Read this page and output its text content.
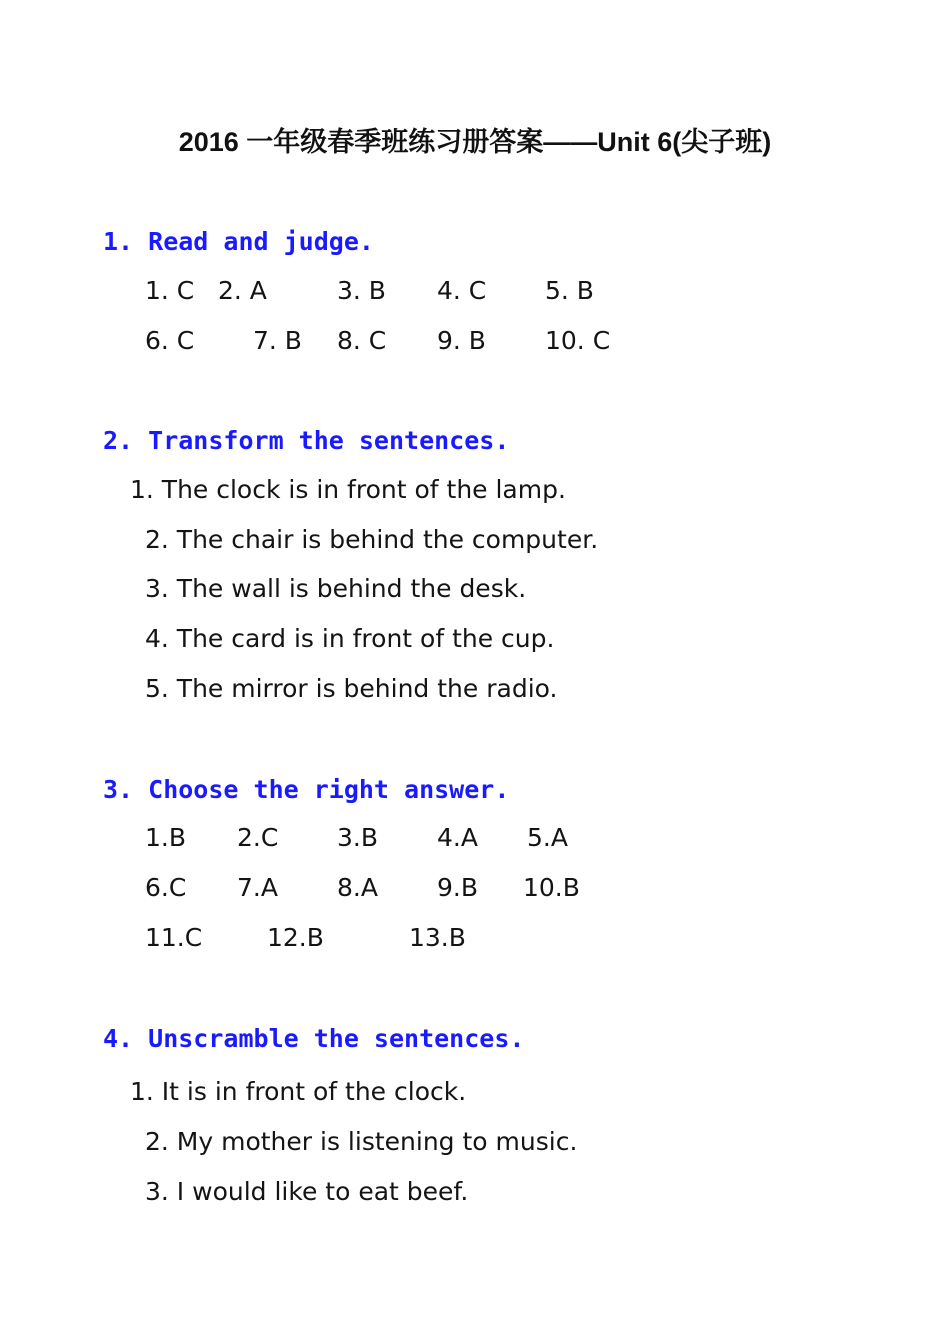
2016 一年级春季班练习册答案——Unit 6(尖子班)
1. Read and judge.
1. C 2. A	3. B 4. C 5. B
6. C 7. B 8. C 9. B 10. C
2. Transform the sentences.
1. The clock is in front of the lamp.
2. The chair is behind the computer.
3. The wall is behind the desk.
4. The card is in front of the cup.
5. The mirror is behind the radio.
3. Choose the right answer.
1.B 2.C 3.B 4.A 5.A
6.C 7.A 8.A 9.B 10.B
11.C	12.B	13.B
4. Unscramble the sentences.
1. It is in front of the clock.
2. My mother is listening to music.
3. I would like to eat beef.
